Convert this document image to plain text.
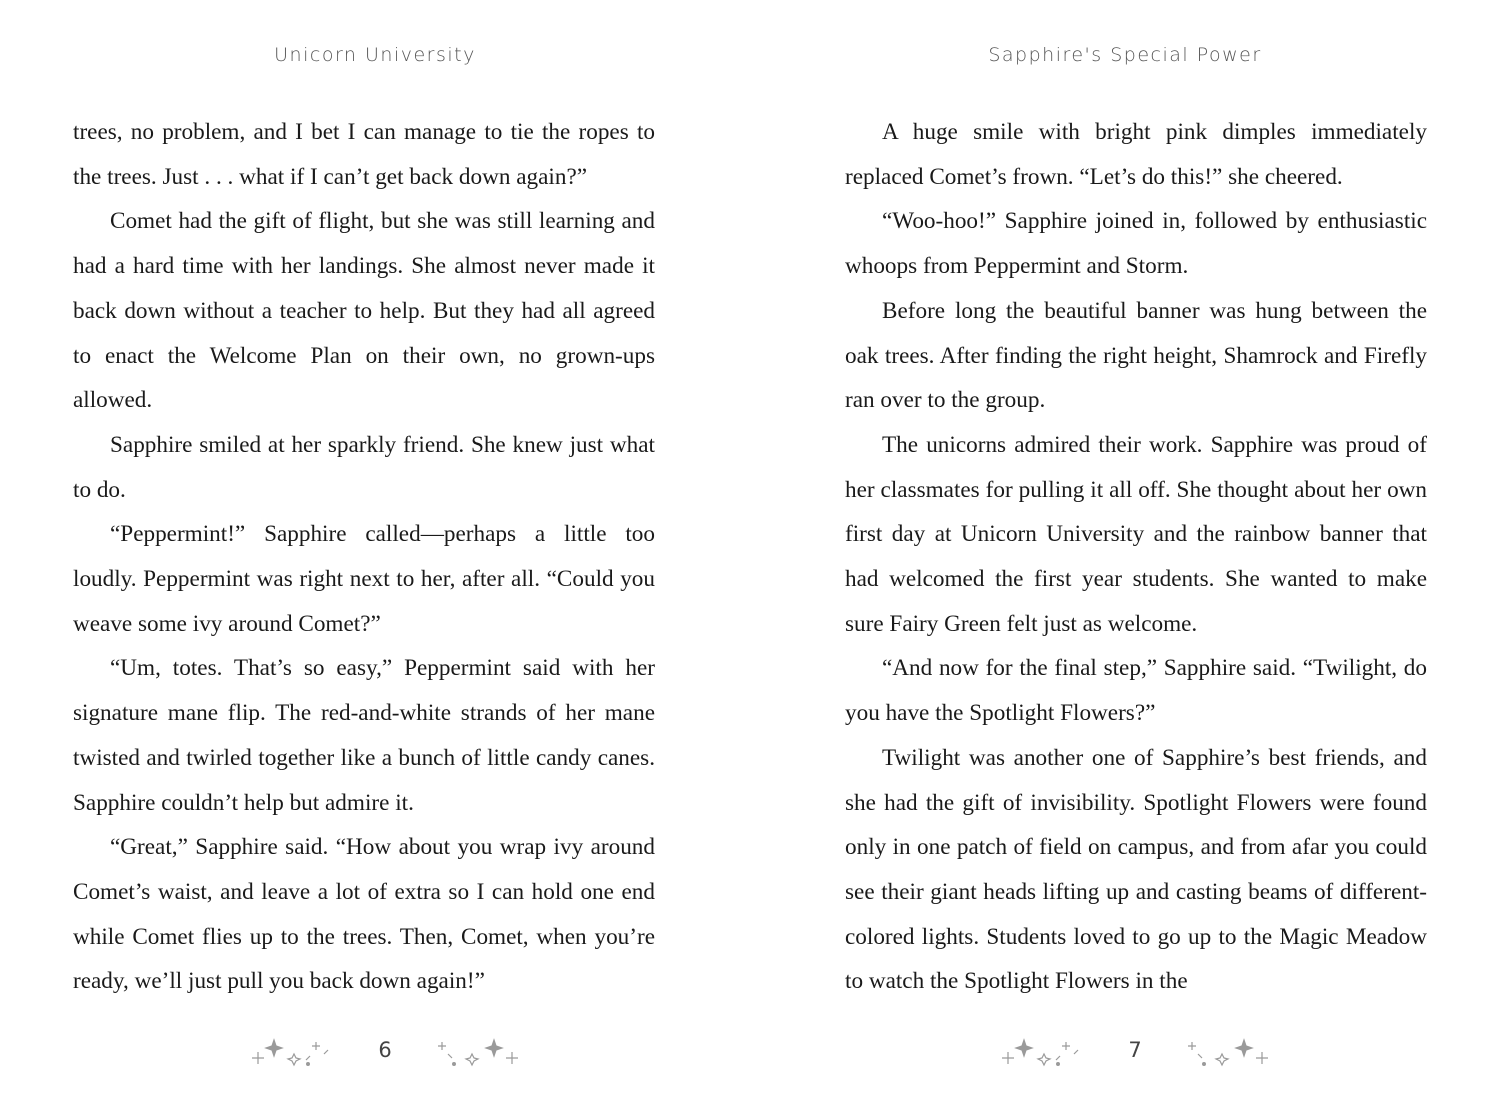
Unicorn University

trees, no problem, and I bet I can manage to tie the ropes to the trees. Just . . . what if I can’t get back down again?”

Comet had the gift of flight, but she was still learning and had a hard time with her landings. She almost never made it back down without a teacher to help. But they had all agreed to enact the Welcome Plan on their own, no grown-ups allowed.

Sapphire smiled at her sparkly friend. She knew just what to do.

“Peppermint!” Sapphire called—perhaps a little too loudly. Peppermint was right next to her, after all. “Could you weave some ivy around Comet?”

“Um, totes. That’s so easy,” Peppermint said with her signature mane flip. The red-and-white strands of her mane twisted and twirled together like a bunch of little candy canes. Sapphire couldn’t help but admire it.

“Great,” Sapphire said. “How about you wrap ivy around Comet’s waist, and leave a lot of extra so I can hold one end while Comet flies up to the trees. Then, Comet, when you’re ready, we’ll just pull you back down again!”

6
Sapphire's Special Power

A huge smile with bright pink dimples immediately replaced Comet’s frown. “Let’s do this!” she cheered.

“Woo-hoo!” Sapphire joined in, followed by enthusiastic whoops from Peppermint and Storm.

Before long the beautiful banner was hung between the oak trees. After finding the right height, Shamrock and Firefly ran over to the group.

The unicorns admired their work. Sapphire was proud of her classmates for pulling it all off. She thought about her own first day at Unicorn University and the rainbow banner that had welcomed the first year students. She wanted to make sure Fairy Green felt just as welcome.

“And now for the final step,” Sapphire said. “Twilight, do you have the Spotlight Flowers?”

Twilight was another one of Sapphire’s best friends, and she had the gift of invisibility. Spotlight Flowers were found only in one patch of field on campus, and from afar you could see their giant heads lifting up and casting beams of different-colored lights. Students loved to go up to the Magic Meadow to watch the Spotlight Flowers in the

7
